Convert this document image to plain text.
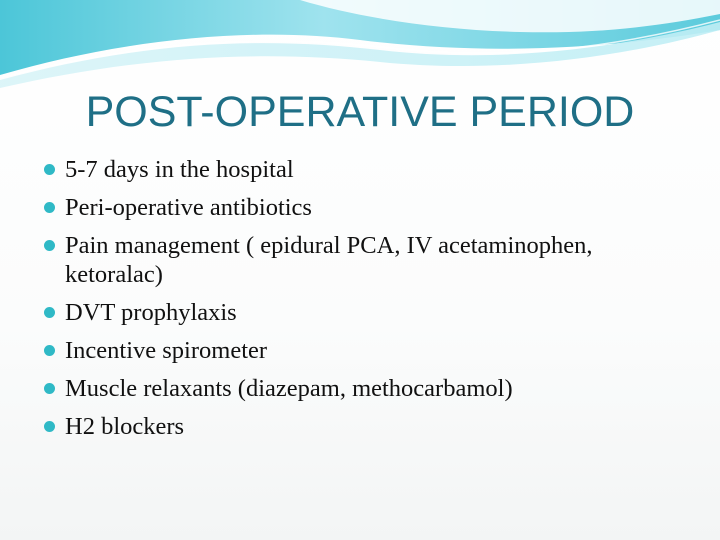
POST-OPERATIVE PERIOD
5-7 days in the hospital
Peri-operative antibiotics
Pain management ( epidural PCA, IV acetaminophen, ketoralac)
DVT prophylaxis
Incentive spirometer
Muscle relaxants (diazepam, methocarbamol)
H2 blockers
